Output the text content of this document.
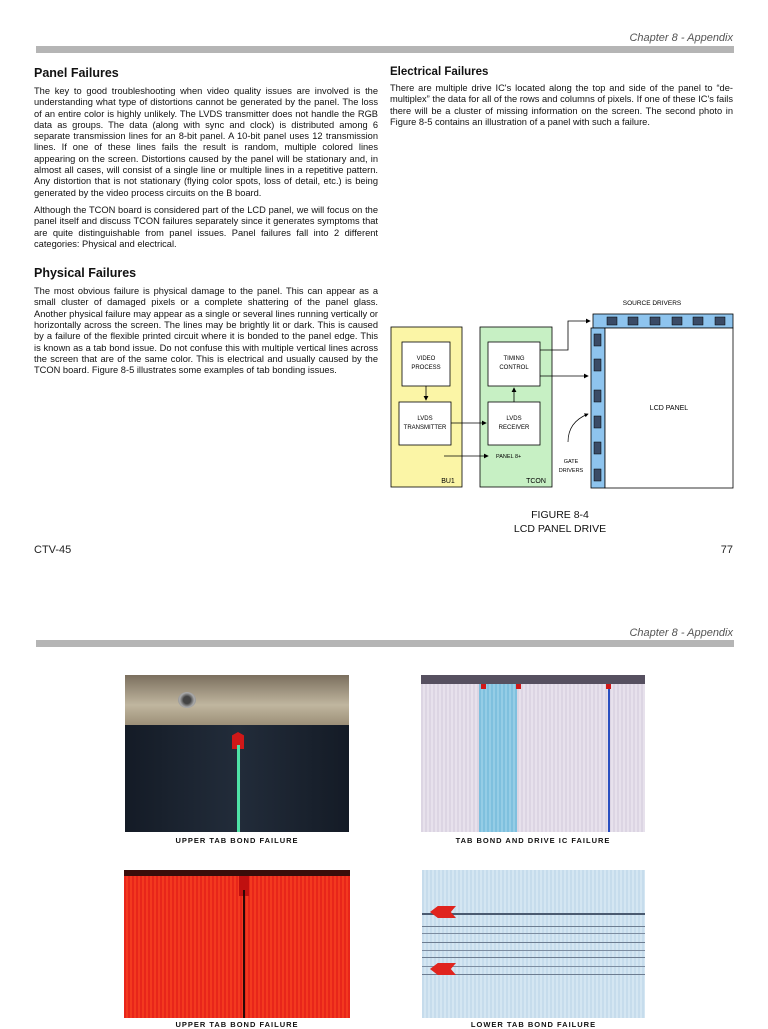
Chapter 8 - Appendix
Panel Failures

The key to good troubleshooting when video quality issues are involved is the understanding what type of distortions cannot be generated by the panel. The loss of an entire color is highly unlikely. The LVDS transmitter does not handle the RGB data as groups. The data (along with sync and clock) is distributed among 6 separate transmission lines for an 8-bit panel. A 10-bit panel uses 12 transmission lines. If one of these lines fails the result is random, multiple colored lines appearing on the screen. Distortions caused by the panel will be stationary and, in almost all cases, will consist of a single line or multiple lines in a repetitive pattern. Any distortion that is not stationary (flying color spots, loss of detail, etc.) is being generated by the video process circuits on the B board.

Although the TCON board is considered part of the LCD panel, we will focus on the panel itself and discuss TCON failures separately since it generates symptoms that are quite distinguishable from panel issues. Panel failures fall into 2 different categories: Physical and electrical.

Physical Failures

The most obvious failure is physical damage to the panel. This can appear as a small cluster of damaged pixels or a complete shattering of the panel glass. Another physical failure may appear as a single or several lines running vertically or horizontally across the screen. The lines may be brightly lit or dark. This is caused by a failure of the flexible printed circuit where it is bonded to the panel edge. This is known as a tab bond issue. Do not confuse this with multiple vertical lines across the screen that are of the same color. This is electrical and usually caused by the TCON board. Figure 8-5 illustrates some examples of tab bonding issues.

Electrical Failures

There are multiple drive IC's located along the top and side of the panel to “de-multiplex” the data for all of the rows and columns of pixels. If one of these IC's fails there will be a cluster of missing information on the screen. The second photo in Figure 8-5 contains an illustration of a panel with such a failure.

SOURCE DRIVERS
VIDEO
PROCESS
LVDS
TRANSMITTER
BU1
TIMING
CONTROL
LVDS
RECEIVER
TCON
PANEL 8+
LCD PANEL
GATE
DRIVERS
FIGURE 8-4
LCD PANEL DRIVE
CTV-45	77
Chapter 8 - Appendix
UPPER TAB BOND FAILURE	TAB BOND AND DRIVE IC FAILURE
UPPER TAB BOND FAILURE	LOWER TAB BOND FAILURE
